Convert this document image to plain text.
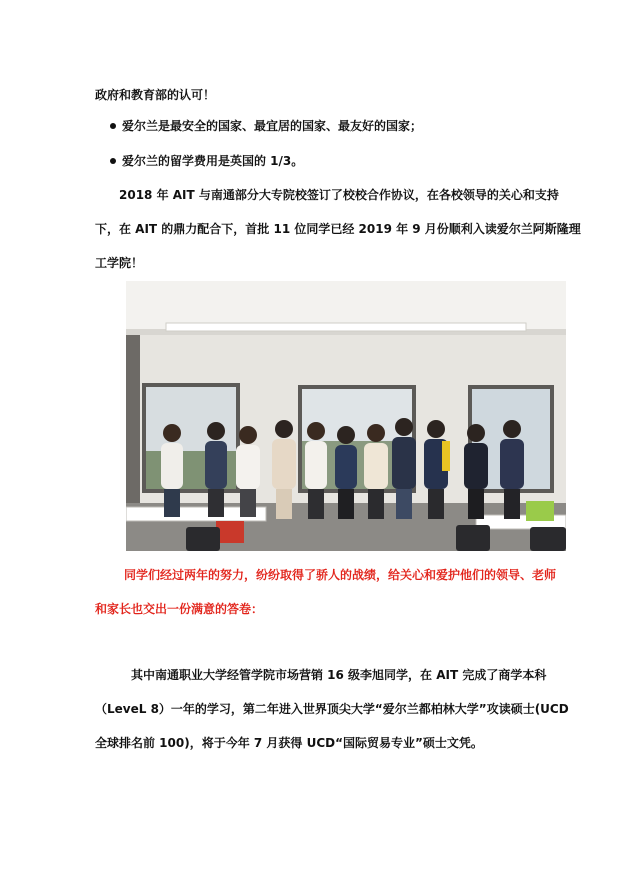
政府和教育部的认可！

爱尔兰是最安全的国家、最宜居的国家、最友好的国家；

爱尔兰的留学费用是英国的 1/3。

2018 年 AIT 与南通部分大专院校签订了校校合作协议，在各校领导的关心和支持

下，在 AIT 的鼎力配合下，首批 11 位同学已经 2019 年 9 月份顺利入读爱尔兰阿斯隆理

工学院！

同学们经过两年的努力，纷纷取得了骄人的战绩，给关心和爱护他们的领导、老师

和家长也交出一份满意的答卷：

其中南通职业大学经管学院市场营销 16 级李旭同学，在 AIT 完成了商学本科

（LeveL 8）一年的学习，第二年进入世界顶尖大学“爱尔兰都柏林大学”攻读硕士(UCD

全球排名前 100)，将于今年 7 月获得 UCD“国际贸易专业”硕士文凭。
